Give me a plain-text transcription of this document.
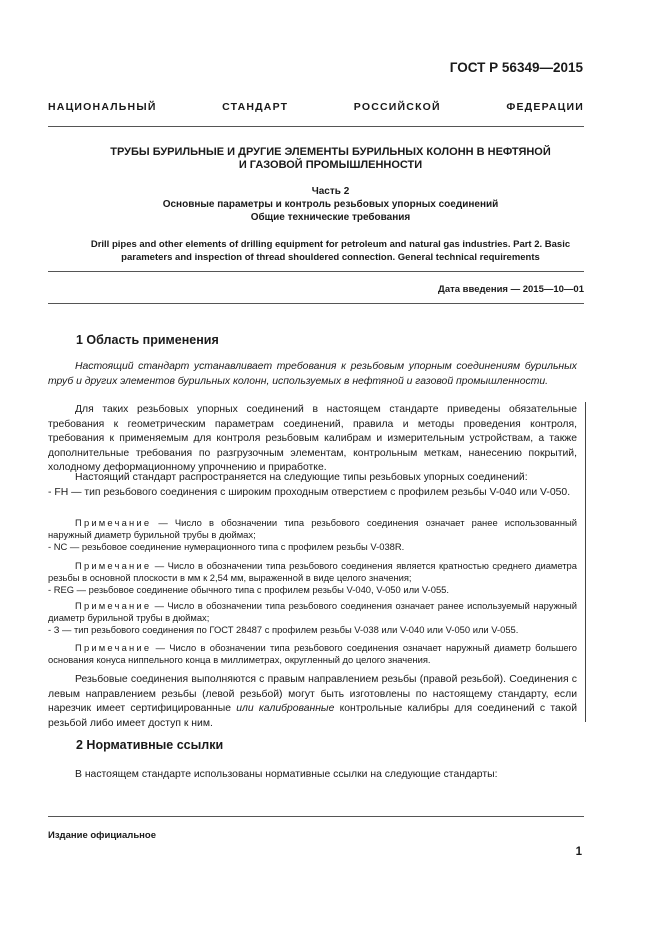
ГОСТ Р 56349—2015
НАЦИОНАЛЬНЫЙ СТАНДАРТ РОССИЙСКОЙ ФЕДЕРАЦИИ
ТРУБЫ БУРИЛЬНЫЕ И ДРУГИЕ ЭЛЕМЕНТЫ БУРИЛЬНЫХ КОЛОНН В НЕФТЯНОЙ
И ГАЗОВОЙ ПРОМЫШЛЕННОСТИ
Часть 2
Основные параметры и контроль резьбовых упорных соединений
Общие технические требования
Drill pipes and other elements of drilling equipment for petroleum and natural gas industries. Part 2. Basic
parameters and inspection of thread shouldered connection. General technical requirements
Дата введения — 2015—10—01
1 Область применения
Настоящий стандарт устанавливает требования к резьбовым упорным соединениям бурильных труб и других элементов бурильных колонн, используемых в нефтяной и газовой промышленности.
Для таких резьбовых упорных соединений в настоящем стандарте приведены обязательные требования к геометрическим параметрам соединений, правила и методы проведения контроля, требования к применяемым для контроля резьбовым калибрам и измерительным устройствам, а также дополнительные требования по разгрузочным элементам, контрольным меткам, нанесению покрытий, холодному деформационному упрочнению и приработке.
Настоящий стандарт распространяется на следующие типы резьбовых упорных соединений:
- FH — тип резьбового соединения с широким проходным отверстием с профилем резьбы V-040 или V-050.
Примечание — Число в обозначении типа резьбового соединения означает ранее использованный наружный диаметр бурильной трубы в дюймах;
- NC — резьбовое соединение нумерационного типа с профилем резьбы V-038R.
Примечание — Число в обозначении типа резьбового соединения является кратностью среднего диаметра резьбы в основной плоскости в мм к 2,54 мм, выраженной в виде целого значения;
- REG — резьбовое соединение обычного типа с профилем резьбы V-040, V-050 или V-055.
Примечание — Число в обозначении типа резьбового соединения означает ранее используемый наружный диаметр бурильной трубы в дюймах;
- З — тип резьбового соединения по ГОСТ 28487 с профилем резьбы V-038 или V-040 или V-050 или V-055.
Примечание — Число в обозначении типа резьбового соединения означает наружный диаметр большего основания конуса ниппельного конца в миллиметрах, округленный до целого значения.
Резьбовые соединения выполняются с правым направлением резьбы (правой резьбой). Соединения с левым направлением резьбы (левой резьбой) могут быть изготовлены по настоящему стандарту, если нарезчик имеет сертифицированные или калиброванные контрольные калибры для соединений с такой резьбой либо имеет доступ к ним.
2 Нормативные ссылки
В настоящем стандарте использованы нормативные ссылки на следующие стандарты:
Издание официальное
1
